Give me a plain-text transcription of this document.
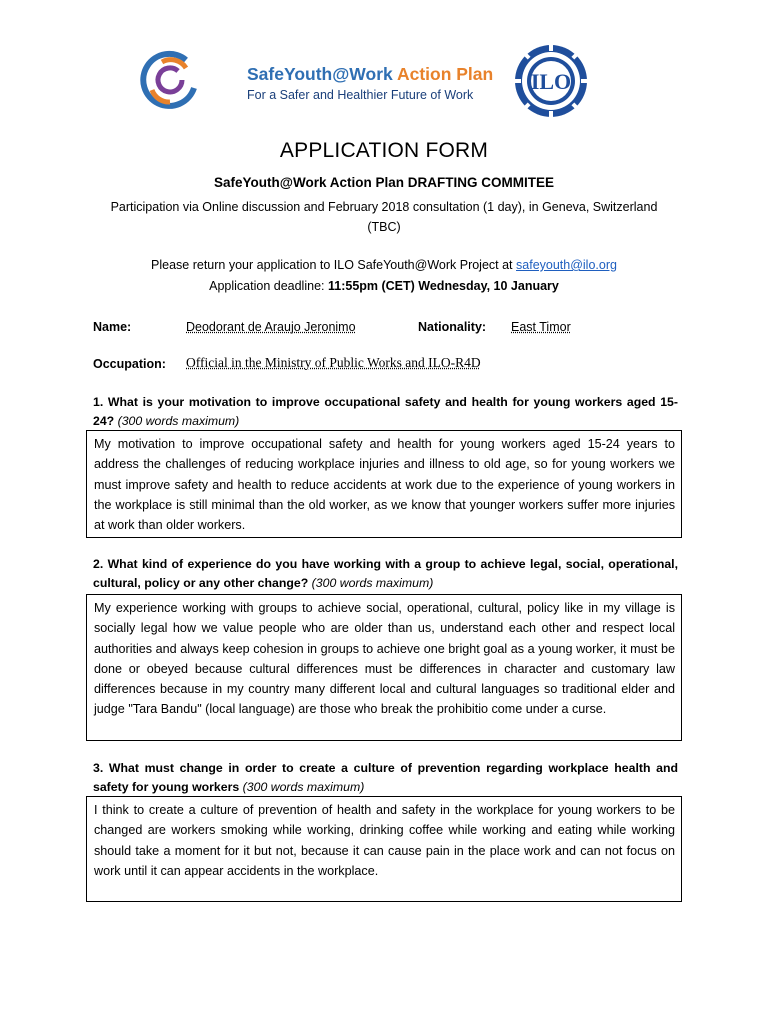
SafeYouth@Work Action Plan
For a Safer and Healthier Future of Work
ILO
APPLICATION FORM
SafeYouth@Work Action Plan DRAFTING COMMITEE
Participation via Online discussion and February 2018 consultation (1 day), in Geneva, Switzerland (TBC)
Please return your application to ILO SafeYouth@Work Project at safeyouth@ilo.org
Application deadline: 11:55pm (CET) Wednesday, 10 January
Name:	Deodorant de Araujo Jeronimo	Nationality: East Timor
Occupation: Official in the Ministry of Public Works and ILO-R4D
1. What is your motivation to improve occupational safety and health for young workers aged 15-24? (300 words maximum)
My motivation to improve occupational safety and health for young workers aged 15-24 years to address the challenges of reducing workplace injuries and illness to old age, so for young workers we must improve safety and health to reduce accidents at work due to the experience of young workers in the workplace is still minimal than the old worker, as we know that younger workers suffer more injuries at work than older workers.
2. What kind of experience do you have working with a group to achieve legal, social, operational, cultural, policy or any other change? (300 words maximum)
My experience working with groups to achieve social, operational, cultural, policy like in my village is socially legal how we value people who are older than us, understand each other and respect local authorities and always keep cohesion in groups to achieve one bright goal as a young worker, it must be done or obeyed because cultural differences must be differences in character and customary law differences because in my country many different local and cultural languages so traditional elder and judge "Tara Bandu" (local language) are those who break the prohibitio come under a curse.
3. What must change in order to create a culture of prevention regarding workplace health and safety for young workers (300 words maximum)
I think to create a culture of prevention of health and safety in the workplace for young workers to be changed are workers smoking while working, drinking coffee while working and eating while working should take a moment for it but not, because it can cause pain in the place work and can not focus on work until it can appear accidents in the workplace.
